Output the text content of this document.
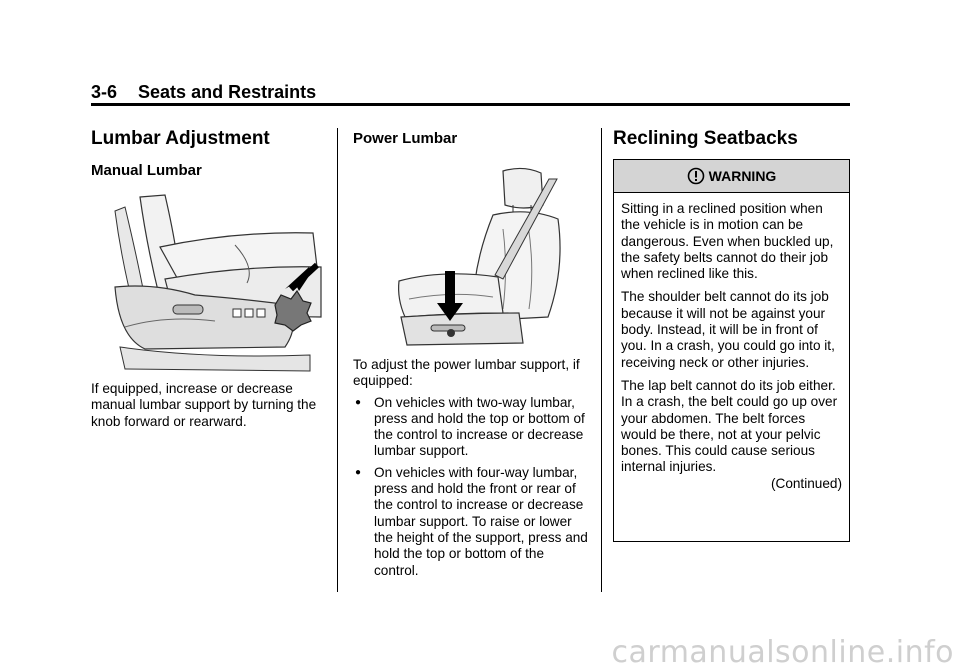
3-6 Seats and Restraints
Lumbar Adjustment
Manual Lumbar

If equipped, increase or decrease manual lumbar support by turning the knob forward or rearward.

Power Lumbar

To adjust the power lumbar support, if equipped:

● On vehicles with two-way lumbar, press and hold the top or bottom of the control to increase or decrease lumbar support.
● On vehicles with four-way lumbar, press and hold the front or rear of the control to increase or decrease lumbar support. To raise or lower the height of the support, press and hold the top or bottom of the control.
Reclining Seatbacks
WARNING

Sitting in a reclined position when the vehicle is in motion can be dangerous. Even when buckled up, the safety belts cannot do their job when reclined like this.

The shoulder belt cannot do its job because it will not be against your body. Instead, it will be in front of you. In a crash, you could go into it, receiving neck or other injuries.

The lap belt cannot do its job either. In a crash, the belt could go up over your abdomen. The belt forces would be there, not at your pelvic bones. This could cause serious internal injuries.

(Continued)
carmanualsonline.info
